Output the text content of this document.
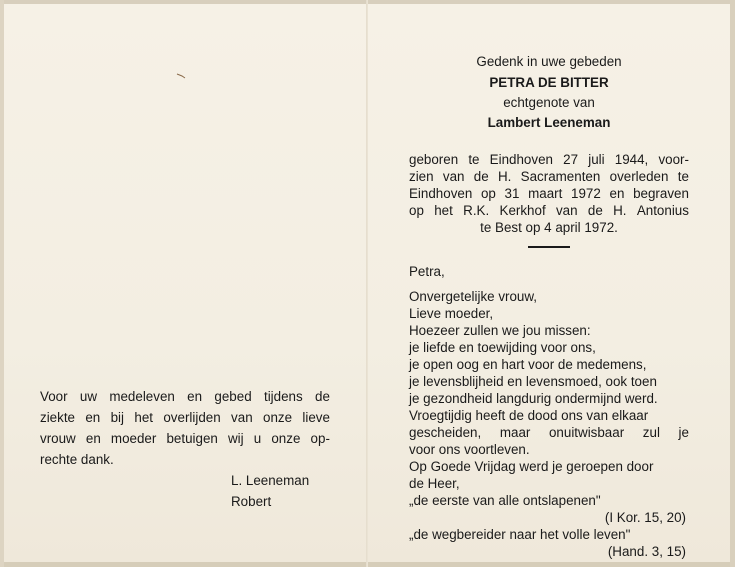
Voor uw medeleven en gebed tijdens de
ziekte en bij het overlijden van onze lieve
vrouw en moeder betuigen wij u onze op-
rechte dank.
L. Leeneman
Robert
Gedenk in uwe gebeden
PETRA DE BITTER
echtgenote van
Lambert Leeneman
geboren te Eindhoven 27 juli 1944, voor-
zien van de H. Sacramenten overleden te
Eindhoven op 31 maart 1972 en begraven
op het R.K. Kerkhof van de H. Antonius
te Best op 4 april 1972.
Petra,
Onvergetelijke vrouw,
Lieve moeder,
Hoezeer zullen we jou missen:
je liefde en toewijding voor ons,
je open oog en hart voor de medemens,
je levensblijheid en levensmoed, ook toen
je gezondheid langdurig ondermijnd werd.
Vroegtijdig heeft de dood ons van elkaar
gescheiden, maar onuitwisbaar zul je
voor ons voortleven.
Op Goede Vrijdag werd je geroepen door
de Heer,
„de eerste van alle ontslapenen"
(I Kor. 15, 20)
„de wegbereider naar het volle leven"
(Hand. 3, 15)
